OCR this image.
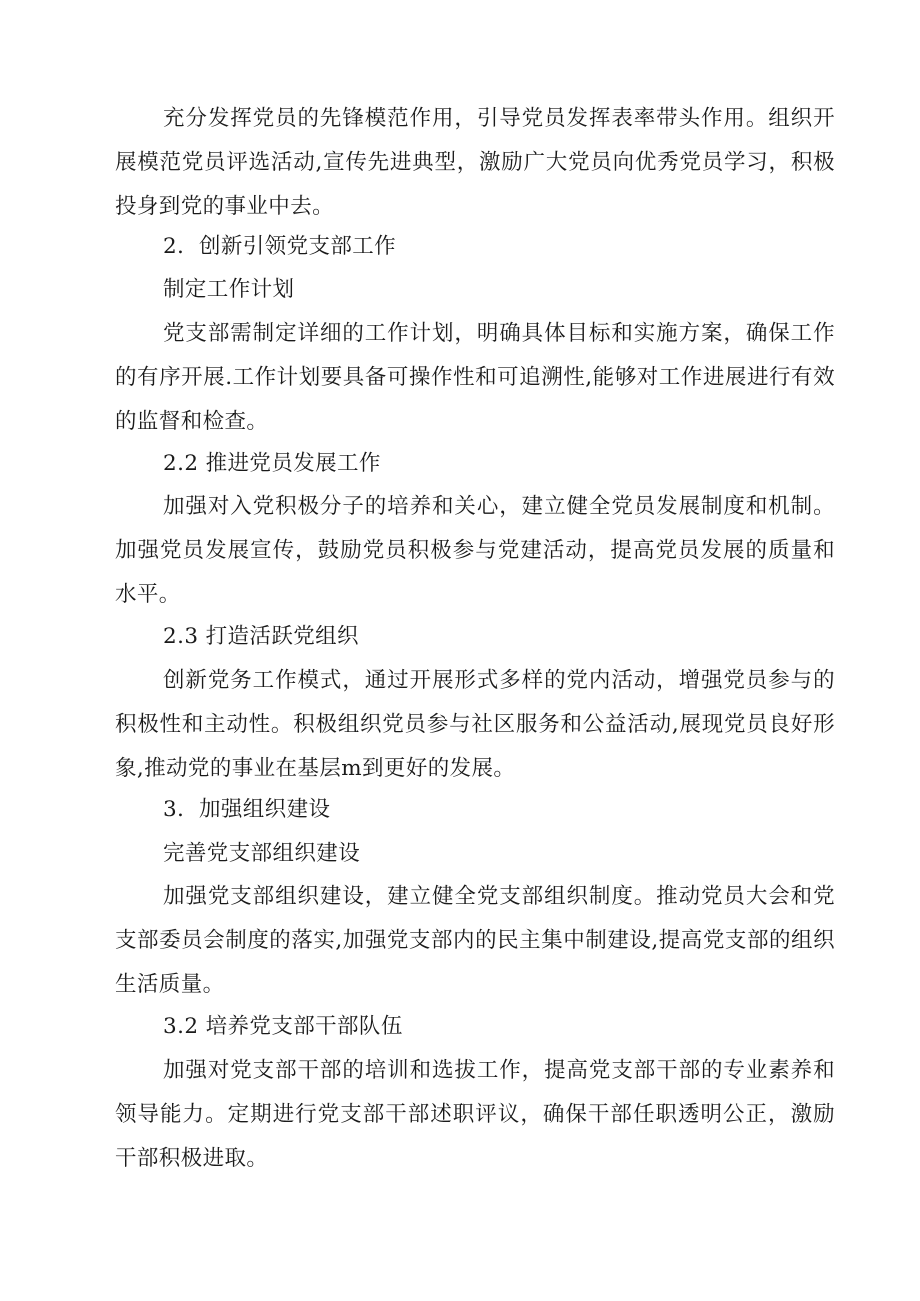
充分发挥党员的先锋模范作用，引导党员发挥表率带头作用。组织开展模范党员评选活动,宣传先进典型，激励广大党员向优秀党员学习，积极投身到党的事业中去。

2．创新引领党支部工作

制定工作计划

党支部需制定详细的工作计划，明确具体目标和实施方案，确保工作的有序开展.工作计划要具备可操作性和可追溯性,能够对工作进展进行有效的监督和检查。

2.2 推进党员发展工作

加强对入党积极分子的培养和关心，建立健全党员发展制度和机制。加强党员发展宣传，鼓励党员积极参与党建活动，提高党员发展的质量和水平。

2.3 打造活跃党组织

创新党务工作模式，通过开展形式多样的党内活动，增强党员参与的积极性和主动性。积极组织党员参与社区服务和公益活动,展现党员良好形象,推动党的事业在基层m到更好的发展。

3．加强组织建设

完善党支部组织建设

加强党支部组织建设，建立健全党支部组织制度。推动党员大会和党支部委员会制度的落实,加强党支部内的民主集中制建设,提高党支部的组织生活质量。

3.2 培养党支部干部队伍

加强对党支部干部的培训和选拔工作，提高党支部干部的专业素养和领导能力。定期进行党支部干部述职评议，确保干部任职透明公正，激励干部积极进取。
